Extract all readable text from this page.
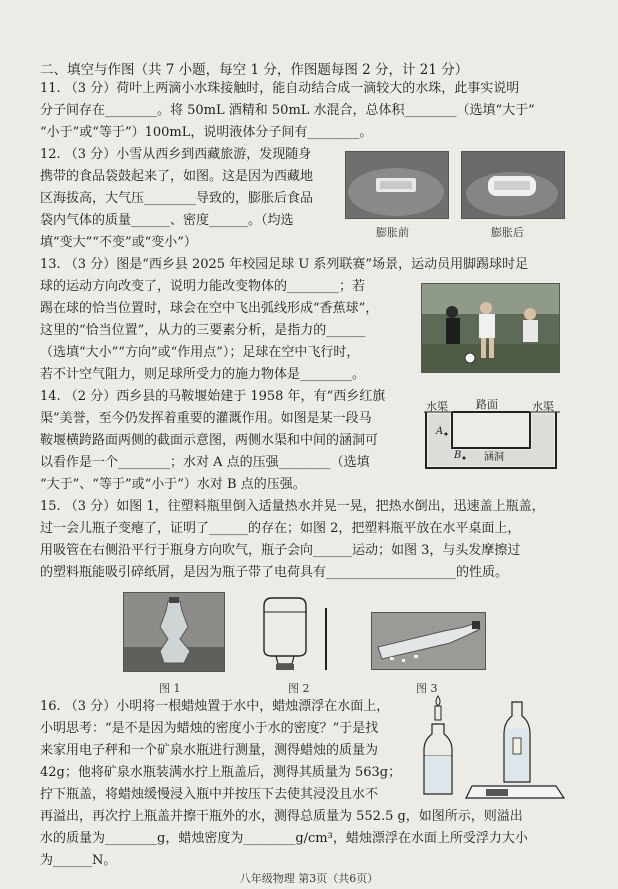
二、填空与作图（共 7 小题，每空 1 分，作图题每图 2 分，计 21 分）
11. （3 分）荷叶上两滴小水珠接触时，能自动结合成一滴较大的水珠，此事实说明
分子间存在________。将 50mL 酒精和 50mL 水混合，总体积________（选填“大于”
“小于”或“等于”）100mL，说明液体分子间有________。
12. （3 分）小雪从西乡到西藏旅游，发现随身
携带的食品袋鼓起来了，如图。这是因为西藏地
区海拔高，大气压________导致的，膨胀后食品
袋内气体的质量______、密度______。（均选
填“变大”“不变”或“变小”）
膨胀前	膨胀后
13. （3 分）图是“西乡县 2025 年校园足球 U 系列联赛”场景，运动员用脚踢球时足
球的运动方向改变了，说明力能改变物体的________；若
踢在球的恰当位置时，球会在空中飞出弧线形成“香蕉球”，
这里的“恰当位置”，从力的三要素分析，是指力的______
（选填“大小”“方向”或“作用点”）；足球在空中飞行时，
若不计空气阻力，则足球所受力的施力物体是________。
14. （2 分）西乡县的马鞍堰始建于 1958 年，有“西乡红旗
渠”美誉，至今仍发挥着重要的灌溉作用。如图是某一段马
鞍堰横跨路面两侧的截面示意图，两侧水渠和中间的涵洞可
以看作是一个________；水对 A 点的压强________（选填
“大于”、“等于”或“小于”）水对 B 点的压强。
水渠	路面	水渠
涵洞
A
B
15. （3 分）如图 1，往塑料瓶里倒入适量热水并晃一晃，把热水倒出，迅速盖上瓶盖，
过一会儿瓶子变瘪了，证明了______的存在；如图 2，把塑料瓶平放在水平桌面上，
用吸管在右侧沿平行于瓶身方向吹气，瓶子会向______运动；如图 3，与头发摩擦过
的塑料瓶能吸引碎纸屑，是因为瓶子带了电荷具有____________________的性质。
图 1	图 2	图 3
16. （3 分）小明将一根蜡烛置于水中，蜡烛漂浮在水面上，
小明思考：“是不是因为蜡烛的密度小于水的密度？”于是找
来家用电子秤和一个矿泉水瓶进行测量，测得蜡烛的质量为
42g；他将矿泉水瓶装满水拧上瓶盖后，测得其质量为 563g；
拧下瓶盖，将蜡烛缓慢浸入瓶中并按压下去使其浸没且水不
再溢出，再次拧上瓶盖并擦干瓶外的水，测得总质量为 552.5 g，如图所示，则溢出
水的质量为________g，蜡烛密度为________g/cm³，蜡烛漂浮在水面上所受浮力大小
为______N。
八年级物理 第3页（共6页）
